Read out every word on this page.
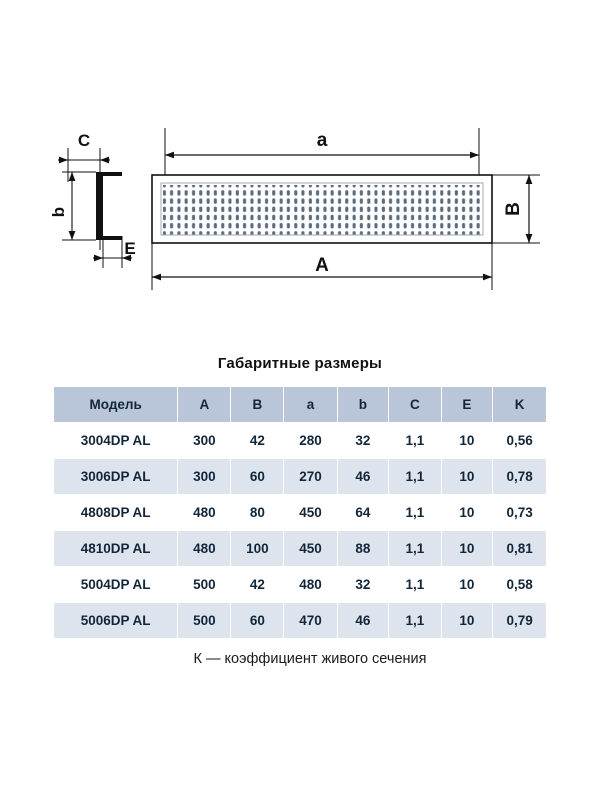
C
b
E
a
B
A
Габаритные размеры
Модель	A	B	a	b	C	E	K
3004DP AL	300	42	280	32	1,1	10	0,56
3006DP AL	300	60	270	46	1,1	10	0,78
4808DP AL	480	80	450	64	1,1	10	0,73
4810DP AL	480	100	450	88	1,1	10	0,81
5004DP AL	500	42	480	32	1,1	10	0,58
5006DP AL	500	60	470	46	1,1	10	0,79
К — коэффициент живого сечения
